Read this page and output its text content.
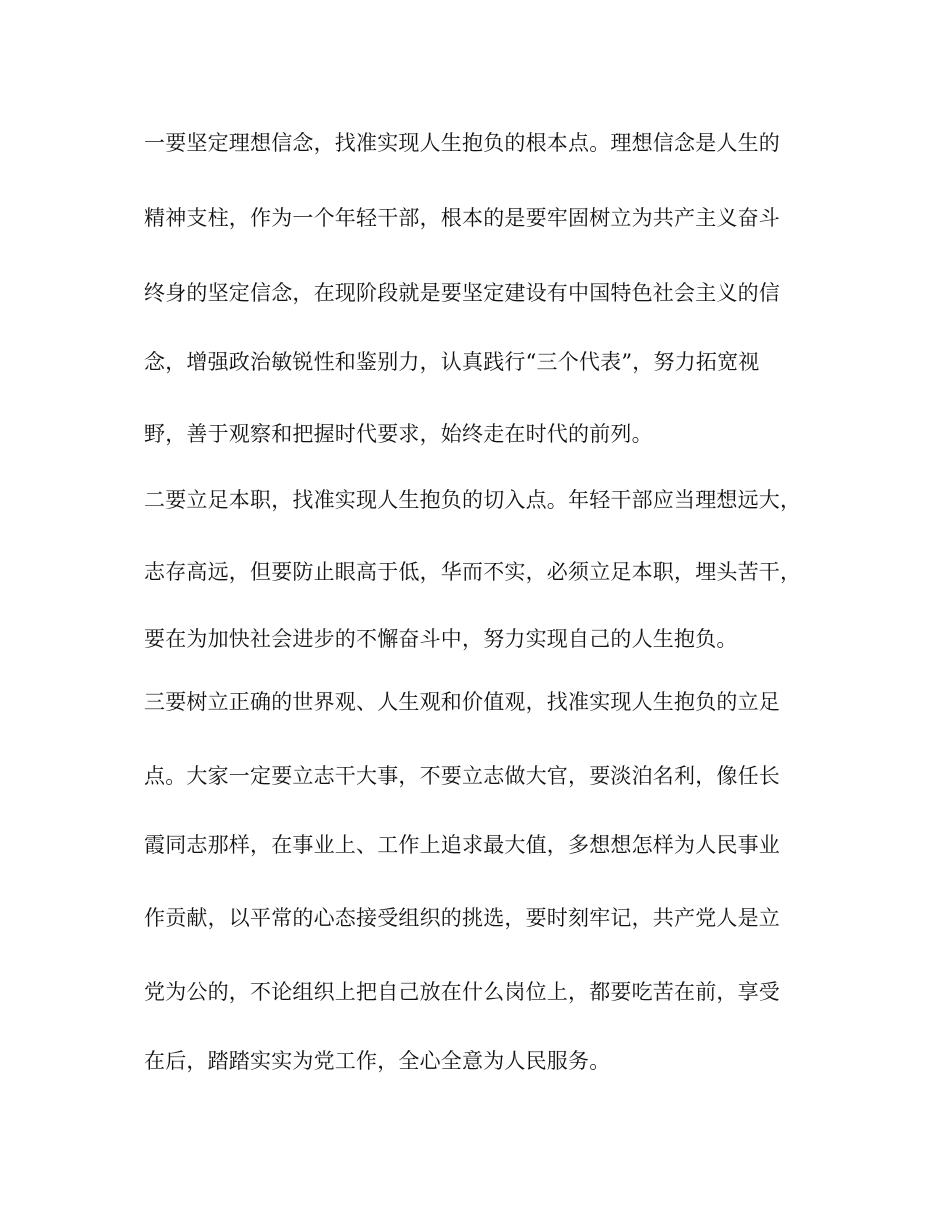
一要坚定理想信念，找准实现人生抱负的根本点。理想信念是人生的
精神支柱，作为一个年轻干部，根本的是要牢固树立为共产主义奋斗
终身的坚定信念，在现阶段就是要坚定建设有中国特色社会主义的信
念，增强政治敏锐性和鉴别力，认真践行“三个代表”，努力拓宽视
野，善于观察和把握时代要求，始终走在时代的前列。
二要立足本职，找准实现人生抱负的切入点。年轻干部应当理想远大，
志存高远，但要防止眼高于低，华而不实，必须立足本职，埋头苦干，
要在为加快社会进步的不懈奋斗中，努力实现自己的人生抱负。
三要树立正确的世界观、人生观和价值观，找准实现人生抱负的立足
点。大家一定要立志干大事，不要立志做大官，要淡泊名利，像任长
霞同志那样，在事业上、工作上追求最大值，多想想怎样为人民事业
作贡献，以平常的心态接受组织的挑选，要时刻牢记，共产党人是立
党为公的，不论组织上把自己放在什么岗位上，都要吃苦在前，享受
在后，踏踏实实为党工作，全心全意为人民服务。
